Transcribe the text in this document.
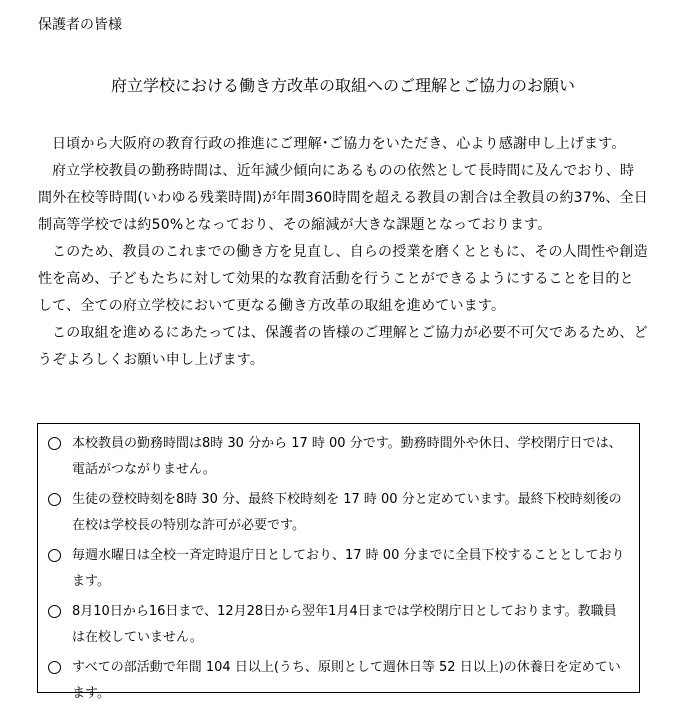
保護者の皆様
府立学校における働き方改革の取組へのご理解とご協力のお願い

日頃から大阪府の教育行政の推進にご理解･ご協力をいただき、心より感謝申し上げます。

府立学校教員の勤務時間は、近年減少傾向にあるものの依然として長時間に及んでおり、時間外在校等時間(いわゆる残業時間)が年間360時間を超える教員の割合は全教員の約37%、全日制高等学校では約50%となっており、その縮減が大きな課題となっております。

このため、教員のこれまでの働き方を見直し、自らの授業を磨くとともに、その人間性や創造性を高め、子どもたちに対して効果的な教育活動を行うことができるようにすることを目的として、全ての府立学校において更なる働き方改革の取組を進めています。

この取組を進めるにあたっては、保護者の皆様のご理解とご協力が必要不可欠であるため、どうぞよろしくお願い申し上げます。

本校教員の勤務時間は8時 30 分から 17 時 00 分です。勤務時間外や休日、学校閉庁日では、電話がつながりません。
生徒の登校時刻を8時 30 分、最終下校時刻を 17 時 00 分と定めています。最終下校時刻後の在校は学校長の特別な許可が必要です。
毎週水曜日は全校一斉定時退庁日としており、17 時 00 分までに全員下校することとしております。
8月10日から16日まで、12月28日から翌年1月4日までは学校閉庁日としております。教職員は在校していません。
すべての部活動で年間 104 日以上(うち、原則として週休日等 52 日以上)の休養日を定めています。
